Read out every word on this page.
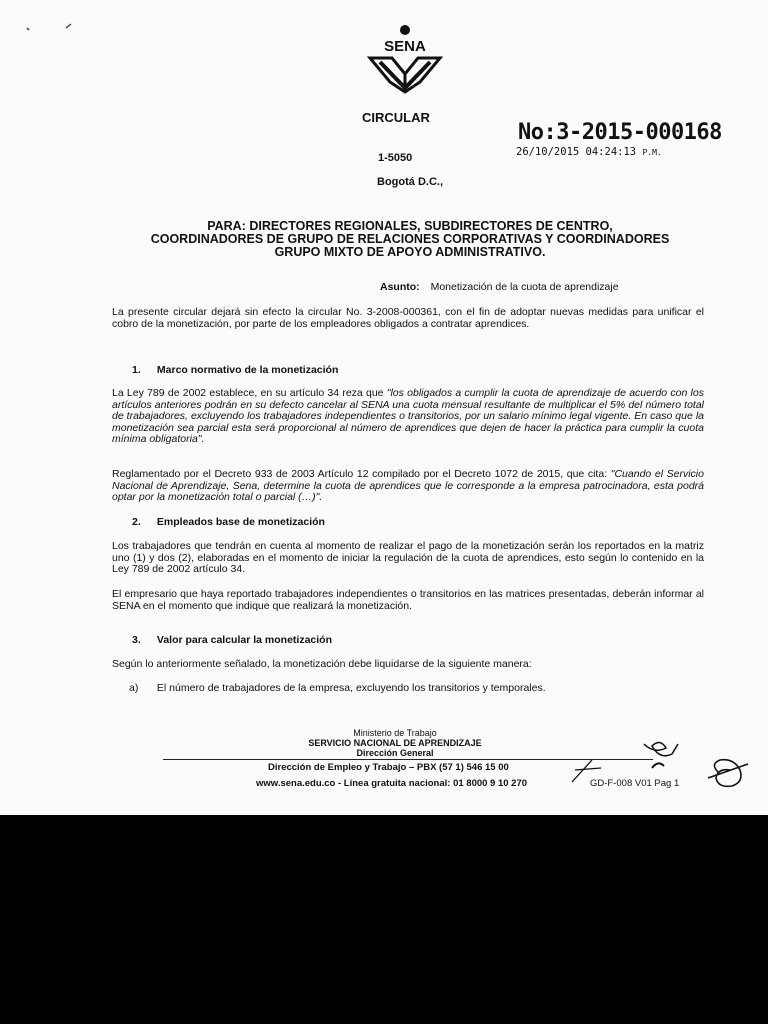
SENA
CIRCULAR
No:3-2015-000168
26/10/2015 04:24:13 P.M.
1-5050
Bogotá D.C.,
PARA: DIRECTORES REGIONALES, SUBDIRECTORES DE CENTRO,
COORDINADORES DE GRUPO DE RELACIONES CORPORATIVAS Y COORDINADORES
GRUPO MIXTO DE APOYO ADMINISTRATIVO.
Asunto: Monetización de la cuota de aprendizaje
La presente circular dejará sin efecto la circular No. 3-2008-000361, con el fin de adoptar nuevas medidas para unificar el cobro de la monetización, por parte de los empleadores obligados a contratar aprendices.
1. Marco normativo de la monetización
La Ley 789 de 2002 establece, en su artículo 34 reza que "los obligados a cumplir la cuota de aprendizaje de acuerdo con los artículos anteriores podrán en su defecto cancelar al SENA una cuota mensual resultante de multiplicar el 5% del número total de trabajadores, excluyendo los trabajadores independientes o transitorios, por un salario mínimo legal vigente. En caso que la monetización sea parcial esta será proporcional al número de aprendices que dejen de hacer la práctica para cumplir la cuota mínima obligatoria".
Reglamentado por el Decreto 933 de 2003 Artículo 12 compilado por el Decreto 1072 de 2015, que cita: "Cuando el Servicio Nacional de Aprendizaje, Sena, determine la cuota de aprendices que le corresponde a la empresa patrocinadora, esta podrá optar por la monetización total o parcial (…)".
2. Empleados base de monetización
Los trabajadores que tendrán en cuenta al momento de realizar el pago de la monetización serán los reportados en la matriz uno (1) y dos (2), elaboradas en el momento de iniciar la regulación de la cuota de aprendices, esto según lo contenido en la Ley 789 de 2002 artículo 34.
El empresario que haya reportado trabajadores independientes o transitorios en las matrices presentadas, deberán informar al SENA en el momento que indique que realizará la monetización.
3. Valor para calcular la monetización
Según lo anteriormente señalado, la monetización debe liquidarse de la siguiente manera:
a) El número de trabajadores de la empresa, excluyendo los transitorios y temporales.
Ministerio de Trabajo
SERVICIO NACIONAL DE APRENDIZAJE
Dirección General
Dirección de Empleo y Trabajo – PBX (57 1) 546 15 00
www.sena.edu.co - Línea gratuita nacional: 01 8000 9 10 270	GD-F-008 V01 Pag 1
